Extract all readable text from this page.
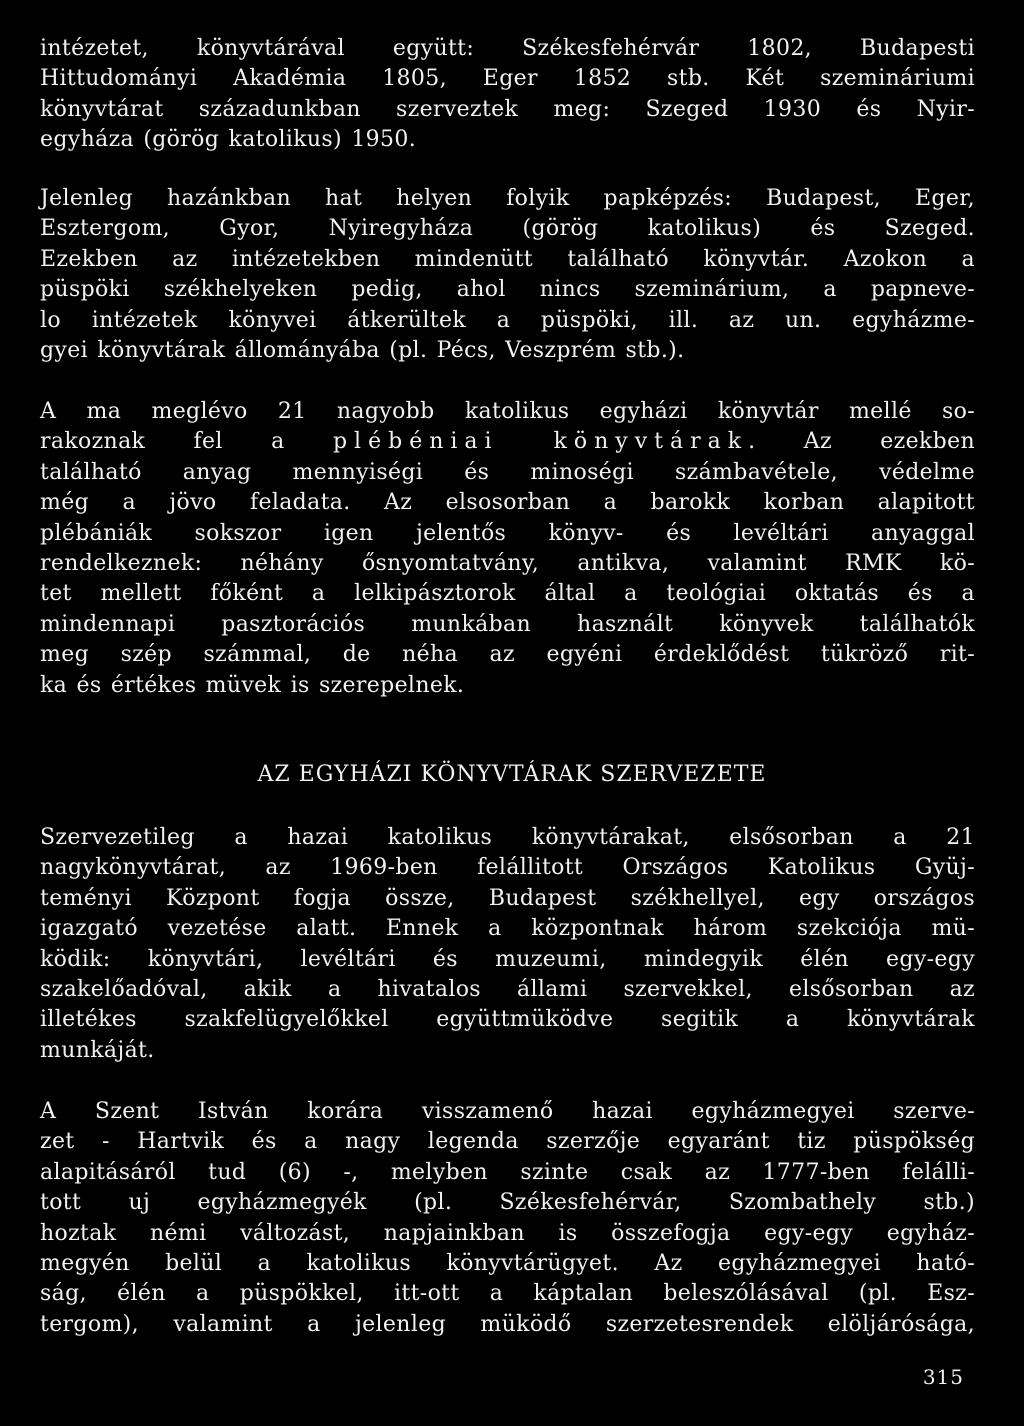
intézetet, könyvtárával együtt: Székesfehérvár 1802, Budapesti
Hittudományi Akadémia 1805, Eger 1852 stb. Két szemináriumi
könyvtárat századunkban szerveztek meg: Szeged 1930 és Nyir-
egyháza (görög katolikus) 1950.
Jelenleg hazánkban hat helyen folyik papképzés: Budapest, Eger,
Esztergom, Gyor, Nyiregyháza (görög katolikus) és Szeged.
Ezekben az intézetekben mindenütt található könyvtár. Azokon a
püspöki székhelyeken pedig, ahol nincs szeminárium, a papneve-
lo intézetek könyvei átkerültek a püspöki, ill. az un. egyházme-
gyei könyvtárak állományába (pl. Pécs, Veszprém stb.).
A ma meglévo 21 nagyobb katolikus egyházi könyvtár mellé so-
rakoznak fel a plébéniai könyvtárak. Az ezekben
található anyag mennyiségi és minoségi számbavétele, védelme
még a jövo feladata. Az elsosorban a barokk korban alapitott
plébániák sokszor igen jelentős könyv- és levéltári anyaggal
rendelkeznek: néhány ősnyomtatvány, antikva, valamint RMK kö-
tet mellett főként a lelkipásztorok által a teológiai oktatás és a
mindennapi pasztorációs munkában használt könyvek találhatók
meg szép számmal, de néha az egyéni érdeklődést tükröző rit-
ka és értékes müvek is szerepelnek.
AZ EGYHÁZI KÖNYVTÁRAK SZERVEZETE
Szervezetileg a hazai katolikus könyvtárakat, elsősorban a 21
nagykönyvtárat, az 1969-ben felállitott Országos Katolikus Gyüj-
teményi Központ fogja össze, Budapest székhellyel, egy országos
igazgató vezetése alatt. Ennek a központnak három szekciója mü-
ködik: könyvtári, levéltári és muzeumi, mindegyik élén egy-egy
szakelőadóval, akik a hivatalos állami szervekkel, elsősorban az
illetékes szakfelügyelőkkel együttmüködve segitik a könyvtárak
munkáját.
A Szent István korára visszamenő hazai egyházmegyei szerve-
zet - Hartvik és a nagy legenda szerzője egyaránt tiz püspökség
alapitásáról tud (6) -, melyben szinte csak az 1777-ben felálli-
tott uj egyházmegyék (pl. Székesfehérvár, Szombathely stb.)
hoztak némi változást, napjainkban is összefogja egy-egy egyház-
megyén belül a katolikus könyvtárügyet. Az egyházmegyei ható-
ság, élén a püspökkel, itt-ott a káptalan beleszólásával (pl. Esz-
tergom), valamint a jelenleg müködő szerzetesrendek elöljárósága,
315
